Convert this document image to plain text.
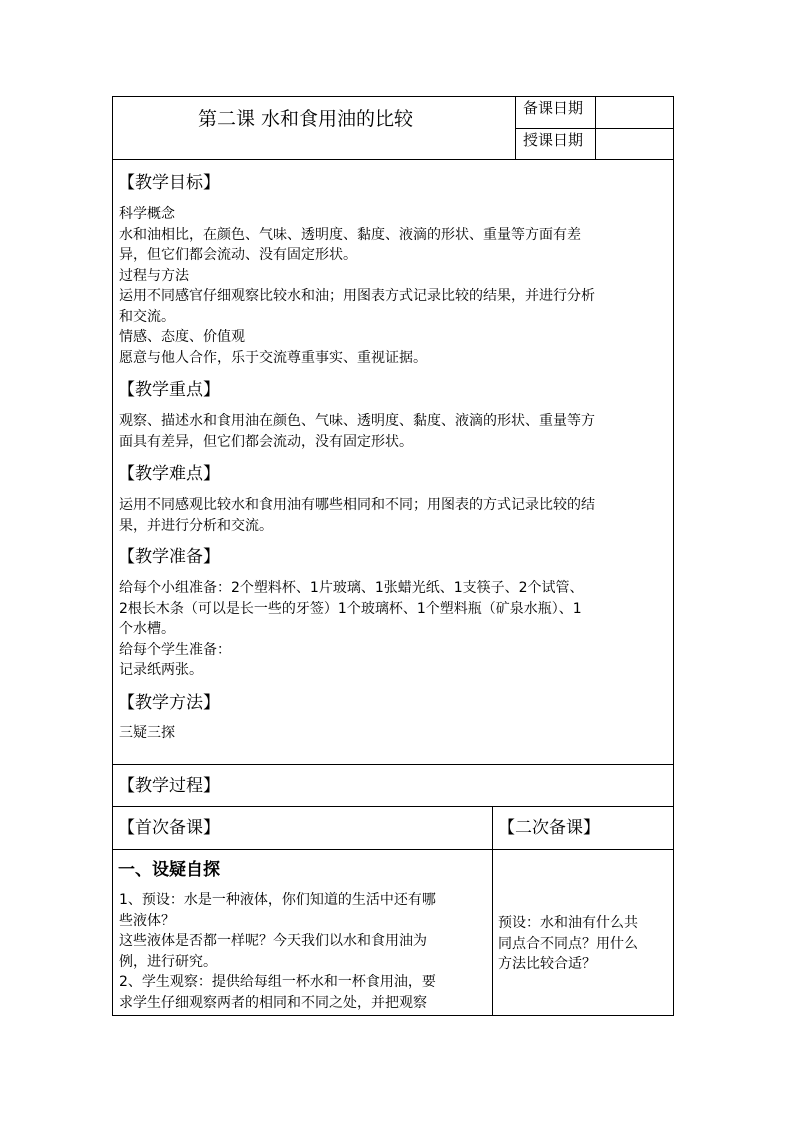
第二课 水和食用油的比较	备课日期
授课日期
【教学目标】
科学概念
水和油相比，在颜色、气味、透明度、黏度、液滴的形状、重量等方面有差
异，但它们都会流动、没有固定形状。
过程与方法
运用不同感官仔细观察比较水和油；用图表方式记录比较的结果，并进行分析
和交流。
情感、态度、价值观
愿意与他人合作，乐于交流尊重事实、重视证据。
【教学重点】
观察、描述水和食用油在颜色、气味、透明度、黏度、液滴的形状、重量等方
面具有差异，但它们都会流动，没有固定形状。
【教学难点】
运用不同感观比较水和食用油有哪些相同和不同；用图表的方式记录比较的结
果，并进行分析和交流。
【教学准备】
给每个小组准备：2个塑料杯、1片玻璃、1张蜡光纸、1支筷子、2个试管、
2根长木条（可以是长一些的牙签）1个玻璃杯、1个塑料瓶（矿泉水瓶）、1
个水槽。
给每个学生准备：
记录纸两张。
【教学方法】
三疑三探
【教学过程】
【首次备课】	【二次备课】
一、设疑自探
1、预设：水是一种液体，你们知道的生活中还有哪
些液体？
这些液体是否都一样呢？今天我们以水和食用油为
例，进行研究。
2、学生观察：提供给每组一杯水和一杯食用油，要
求学生仔细观察两者的相同和不同之处，并把观察
预设：水和油有什么共
同点合不同点？用什么
方法比较合适？
